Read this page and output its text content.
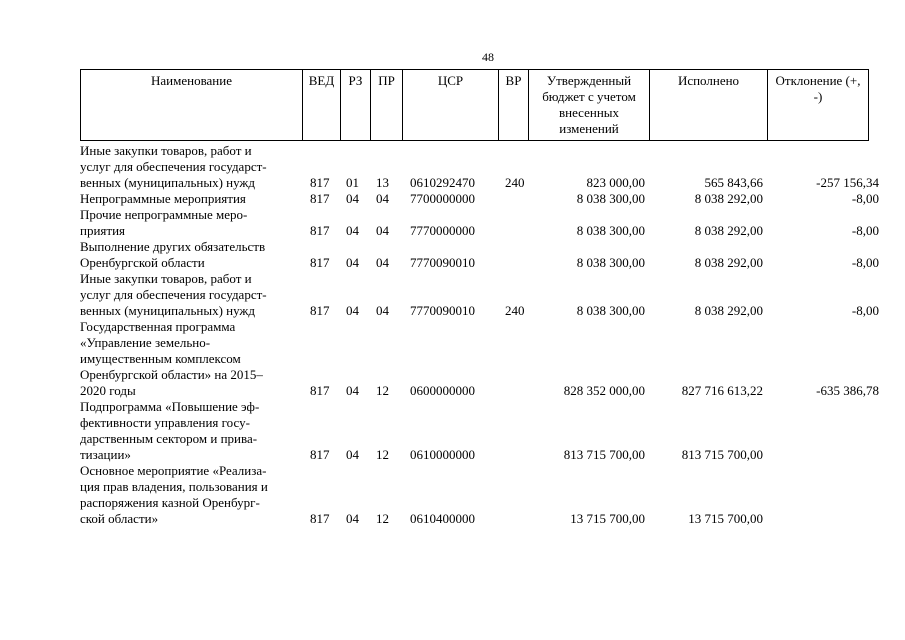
48
Наименование	ВЕД	РЗ	ПР	ЦСР	ВР	Утвержденный бюджет с учетом внесенных изменений	Исполнено	Отклонение (+, -)
Иные закупки товаров, работ и
услуг для обеспечения государст-
венных (муниципальных) нужд	817 01 13 0610292470 240	823 000,00	565 843,66	-257 156,34
Непрограммные мероприятия	817 04 04 7700000000	8 038 300,00	8 038 292,00	-8,00
Прочие непрограммные меро-
приятия	817 04 04 7770000000	8 038 300,00	8 038 292,00	-8,00
Выполнение других обязательств
Оренбургской области	817 04 04 7770090010	8 038 300,00	8 038 292,00	-8,00
Иные закупки товаров, работ и
услуг для обеспечения государст-
венных (муниципальных) нужд	817 04 04 7770090010 240	8 038 300,00	8 038 292,00	-8,00
Государственная программа
«Управление земельно-
имущественным комплексом
Оренбургской области» на 2015–
2020 годы	817 04 12 0600000000	828 352 000,00	827 716 613,22	-635 386,78
Подпрограмма «Повышение эф-
фективности управления госу-
дарственным сектором и прива-
тизации»	817 04 12 0610000000	813 715 700,00	813 715 700,00
Основное мероприятие «Реализа-
ция прав владения, пользования и
распоряжения казной Оренбург-
ской области»	817 04 12 0610400000	13 715 700,00	13 715 700,00
